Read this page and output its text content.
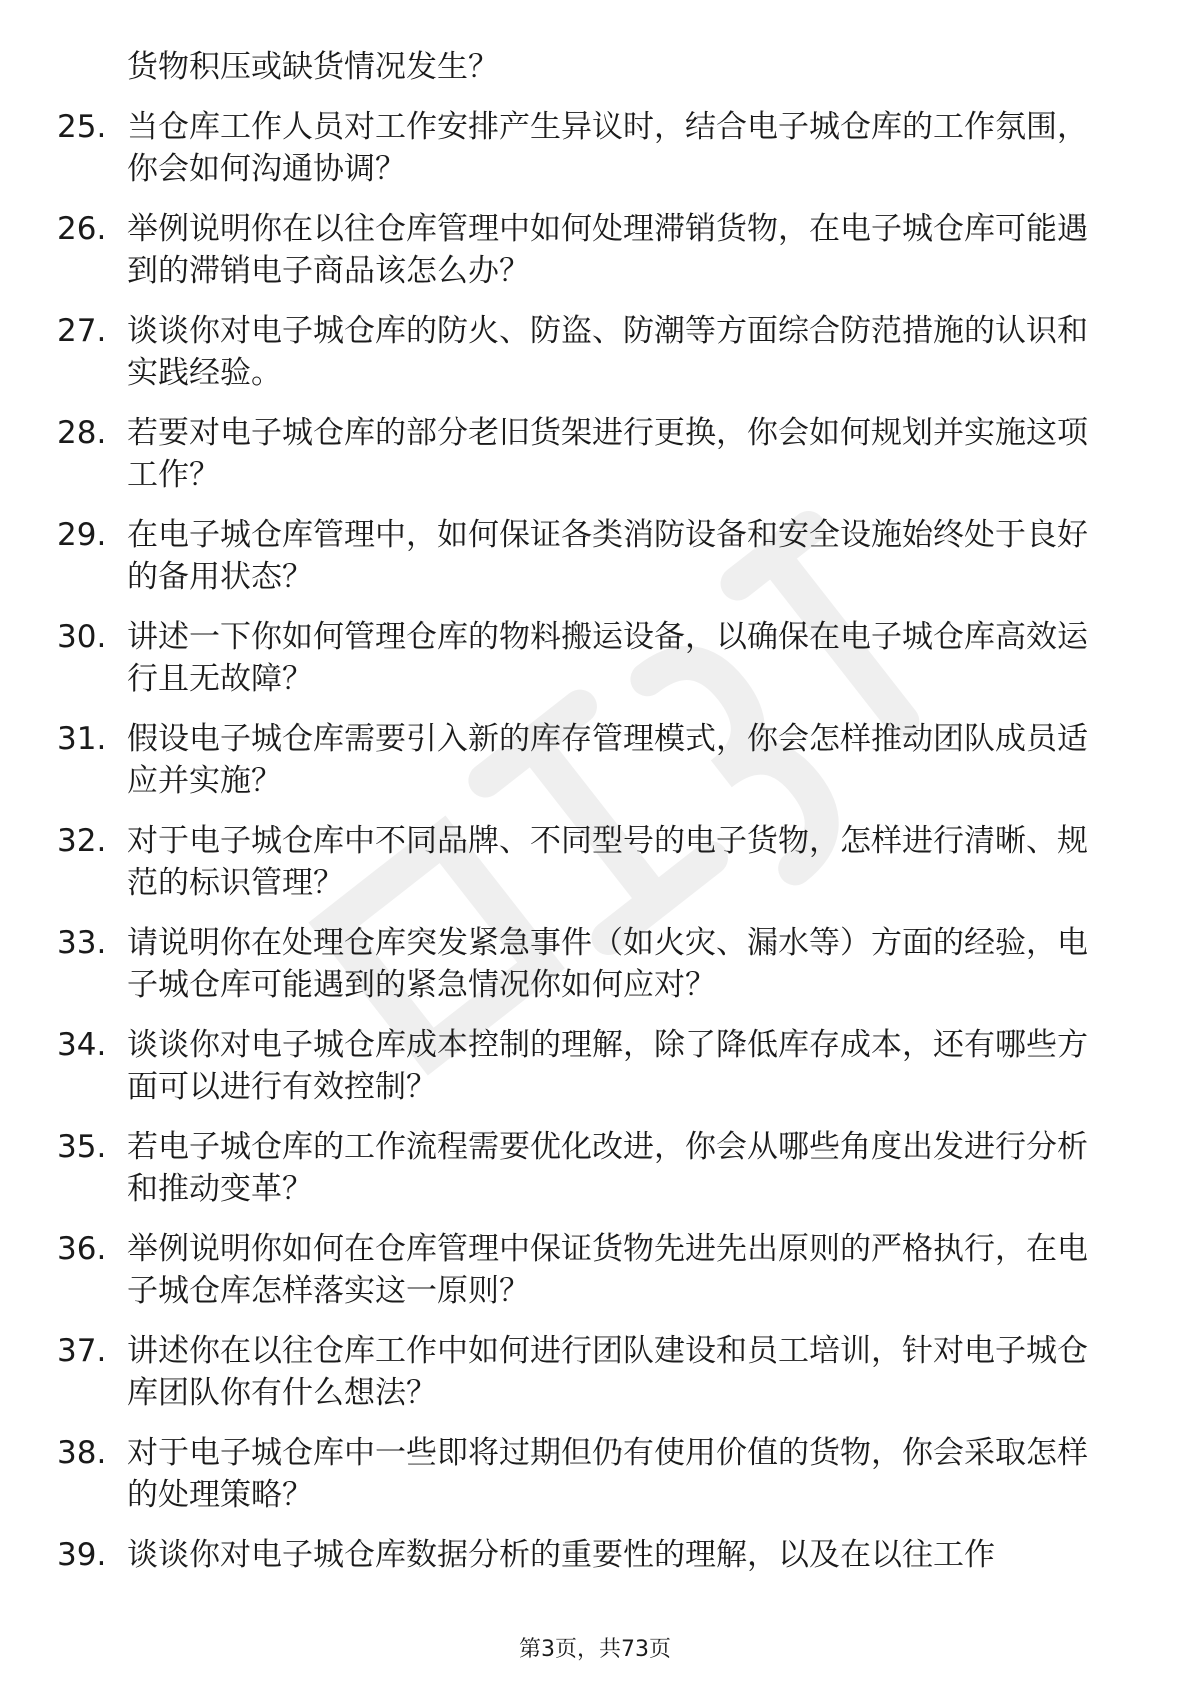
货物积压或缺货情况发生？
25. 当仓库工作人员对工作安排产生异议时，结合电子城仓库的工作氛围，你会如何沟通协调？
26. 举例说明你在以往仓库管理中如何处理滞销货物，在电子城仓库可能遇到的滞销电子商品该怎么办？
27. 谈谈你对电子城仓库的防火、防盗、防潮等方面综合防范措施的认识和实践经验。
28. 若要对电子城仓库的部分老旧货架进行更换，你会如何规划并实施这项工作？
29. 在电子城仓库管理中，如何保证各类消防设备和安全设施始终处于良好的备用状态？
30. 讲述一下你如何管理仓库的物料搬运设备，以确保在电子城仓库高效运行且无故障？
31. 假设电子城仓库需要引入新的库存管理模式，你会怎样推动团队成员适应并实施？
32. 对于电子城仓库中不同品牌、不同型号的电子货物，怎样进行清晰、规范的标识管理？
33. 请说明你在处理仓库突发紧急事件（如火灾、漏水等）方面的经验，电子城仓库可能遇到的紧急情况你如何应对？
34. 谈谈你对电子城仓库成本控制的理解，除了降低库存成本，还有哪些方面可以进行有效控制？
35. 若电子城仓库的工作流程需要优化改进，你会从哪些角度出发进行分析和推动变革？
36. 举例说明你如何在仓库管理中保证货物先进先出原则的严格执行，在电子城仓库怎样落实这一原则？
37. 讲述你在以往仓库工作中如何进行团队建设和员工培训，针对电子城仓库团队你有什么想法？
38. 对于电子城仓库中一些即将过期但仍有使用价值的货物，你会采取怎样的处理策略？
39. 谈谈你对电子城仓库数据分析的重要性的理解，以及在以往工作
第3页，共73页
